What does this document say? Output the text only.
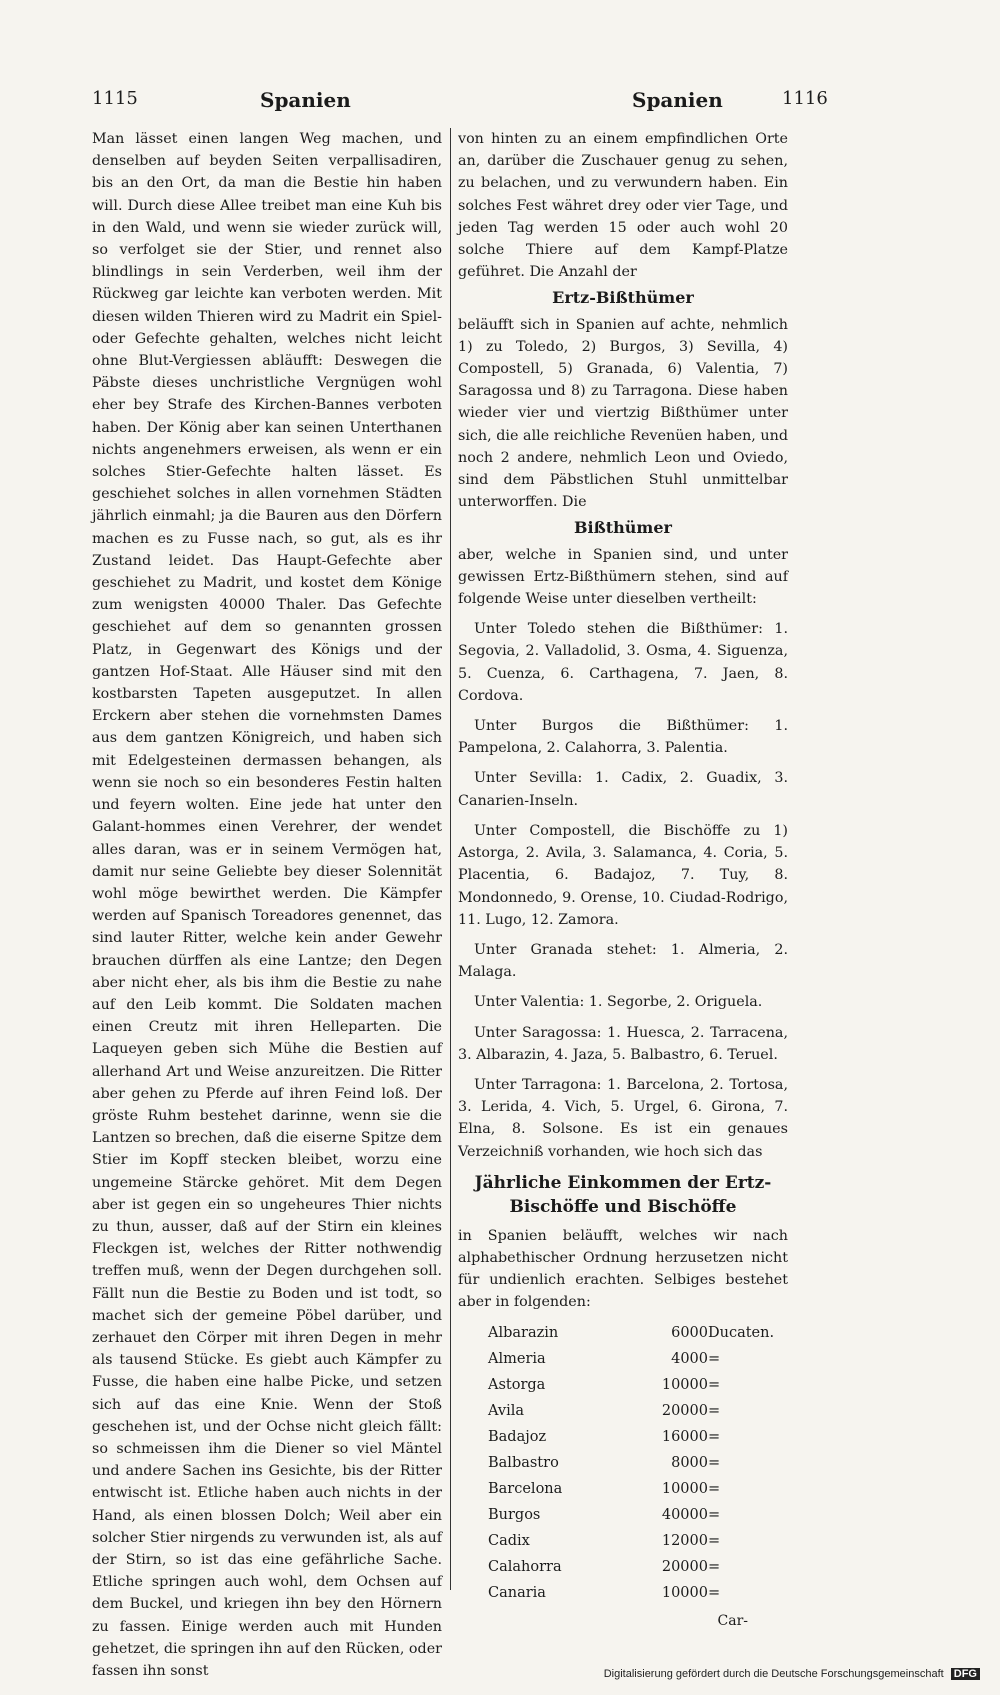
1115	Spanien	Spanien	1116

Man lässet einen langen Weg machen, und denselben auf beyden Seiten verpallisadiren, bis an den Ort, da man die Bestie hin haben will. Durch diese Allee treibet man eine Kuh bis in den Wald, und wenn sie wieder zurück will, so verfolget sie der Stier, und rennet also blindlings in sein Verderben, weil ihm der Rückweg gar leichte kan verboten werden. Mit diesen wilden Thieren wird zu Madrit ein Spiel- oder Gefechte gehalten, welches nicht leicht ohne Blut-Vergiessen abläufft: Deswegen die Päbste dieses unchristliche Vergnügen wohl eher bey Strafe des Kirchen-Bannes verboten haben. Der König aber kan seinen Unterthanen nichts angenehmers erweisen, als wenn er ein solches Stier-Gefechte halten lässet. Es geschiehet solches in allen vornehmen Städten jährlich einmahl; ja die Bauren aus den Dörfern machen es zu Fusse nach, so gut, als es ihr Zustand leidet. Das Haupt-Gefechte aber geschiehet zu Madrit, und kostet dem Könige zum wenigsten 40000 Thaler. Das Gefechte geschiehet auf dem so genannten grossen Platz, in Gegenwart des Königs und der gantzen Hof-Staat. Alle Häuser sind mit den kostbarsten Tapeten ausgeputzet. In allen Erckern aber stehen die vornehmsten Dames aus dem gantzen Königreich, und haben sich mit Edelgesteinen dermassen behangen, als wenn sie noch so ein besonderes Festin halten und feyern wolten. Eine jede hat unter den Galant-hommes einen Verehrer, der wendet alles daran, was er in seinem Vermögen hat, damit nur seine Geliebte bey dieser Solennität wohl möge bewirthet werden. Die Kämpfer werden auf Spanisch Toreadores genennet, das sind lauter Ritter, welche kein ander Gewehr brauchen dürffen als eine Lantze; den Degen aber nicht eher, als bis ihm die Bestie zu nahe auf den Leib kommt. Die Soldaten machen einen Creutz mit ihren Helleparten. Die Laqueyen geben sich Mühe die Bestien auf allerhand Art und Weise anzureitzen. Die Ritter aber gehen zu Pferde auf ihren Feind loß. Der gröste Ruhm bestehet darinne, wenn sie die Lantzen so brechen, daß die eiserne Spitze dem Stier im Kopff stecken bleibet, worzu eine ungemeine Stärcke gehöret. Mit dem Degen aber ist gegen ein so ungeheures Thier nichts zu thun, ausser, daß auf der Stirn ein kleines Fleckgen ist, welches der Ritter nothwendig treffen muß, wenn der Degen durchgehen soll. Fällt nun die Bestie zu Boden und ist todt, so machet sich der gemeine Pöbel darüber, und zerhauet den Cörper mit ihren Degen in mehr als tausend Stücke. Es giebt auch Kämpfer zu Fusse, die haben eine halbe Picke, und setzen sich auf das eine Knie. Wenn der Stoß geschehen ist, und der Ochse nicht gleich fällt: so schmeissen ihm die Diener so viel Mäntel und andere Sachen ins Gesichte, bis der Ritter entwischt ist. Etliche haben auch nichts in der Hand, als einen blossen Dolch; Weil aber ein solcher Stier nirgends zu verwunden ist, als auf der Stirn, so ist das eine gefährliche Sache. Etliche springen auch wohl, dem Ochsen auf dem Buckel, und kriegen ihn bey den Hörnern zu fassen. Einige werden auch mit Hunden gehetzet, die springen ihn auf den Rücken, oder fassen ihn sonst

von hinten zu an einem empfindlichen Orte an, darüber die Zuschauer genug zu sehen, zu belachen, und zu verwundern haben. Ein solches Fest währet drey oder vier Tage, und jeden Tag werden 15 oder auch wohl 20 solche Thiere auf dem Kampf-Platze geführet. Die Anzahl der

Ertz-Bißthümer

beläufft sich in Spanien auf achte, nehmlich 1) zu Toledo, 2) Burgos, 3) Sevilla, 4) Compostell, 5) Granada, 6) Valentia, 7) Saragossa und 8) zu Tarragona. Diese haben wieder vier und viertzig Bißthümer unter sich, die alle reichliche Revenüen haben, und noch 2 andere, nehmlich Leon und Oviedo, sind dem Päbstlichen Stuhl unmittelbar unterworffen. Die

Bißthümer

aber, welche in Spanien sind, und unter gewissen Ertz-Bißthümern stehen, sind auf folgende Weise unter dieselben vertheilt:

Unter Toledo stehen die Bißthümer: 1. Segovia, 2. Valladolid, 3. Osma, 4. Siguenza, 5. Cuenza, 6. Carthagena, 7. Jaen, 8. Cordova.

Unter Burgos die Bißthümer: 1. Pampelona, 2. Calahorra, 3. Palentia.

Unter Sevilla: 1. Cadix, 2. Guadix, 3. Canarien-Inseln.

Unter Compostell, die Bischöffe zu 1) Astorga, 2. Avila, 3. Salamanca, 4. Coria, 5. Placentia, 6. Badajoz, 7. Tuy, 8. Mondonnedo, 9. Orense, 10. Ciudad-Rodrigo, 11. Lugo, 12. Zamora.

Unter Granada stehet: 1. Almeria, 2. Malaga.

Unter Valentia: 1. Segorbe, 2. Origuela.

Unter Saragossa: 1. Huesca, 2. Tarracena, 3. Albarazin, 4. Jaza, 5. Balbastro, 6. Teruel.

Unter Tarragona: 1. Barcelona, 2. Tortosa, 3. Lerida, 4. Vich, 5. Urgel, 6. Girona, 7. Elna, 8. Solsone. Es ist ein genaues Verzeichniß vorhanden, wie hoch sich das

Jährliche Einkommen der Ertz-Bischöffe und Bischöffe

in Spanien beläufft, welches wir nach alphabethischer Ordnung herzusetzen nicht für undienlich erachten. Selbiges bestehet aber in folgenden:

Albarazin	6000	Ducaten.
Almeria	4000	=
Astorga	10000	=
Avila	20000	=
Badajoz	16000	=
Balbastro	8000	=
Barcelona	10000	=
Burgos	40000	=
Cadix	12000	=
Calahorra	20000	=
Canaria	10000	=
Car-
Digitalisierung gefördert durch die Deutsche Forschungsgemeinschaft DFG
